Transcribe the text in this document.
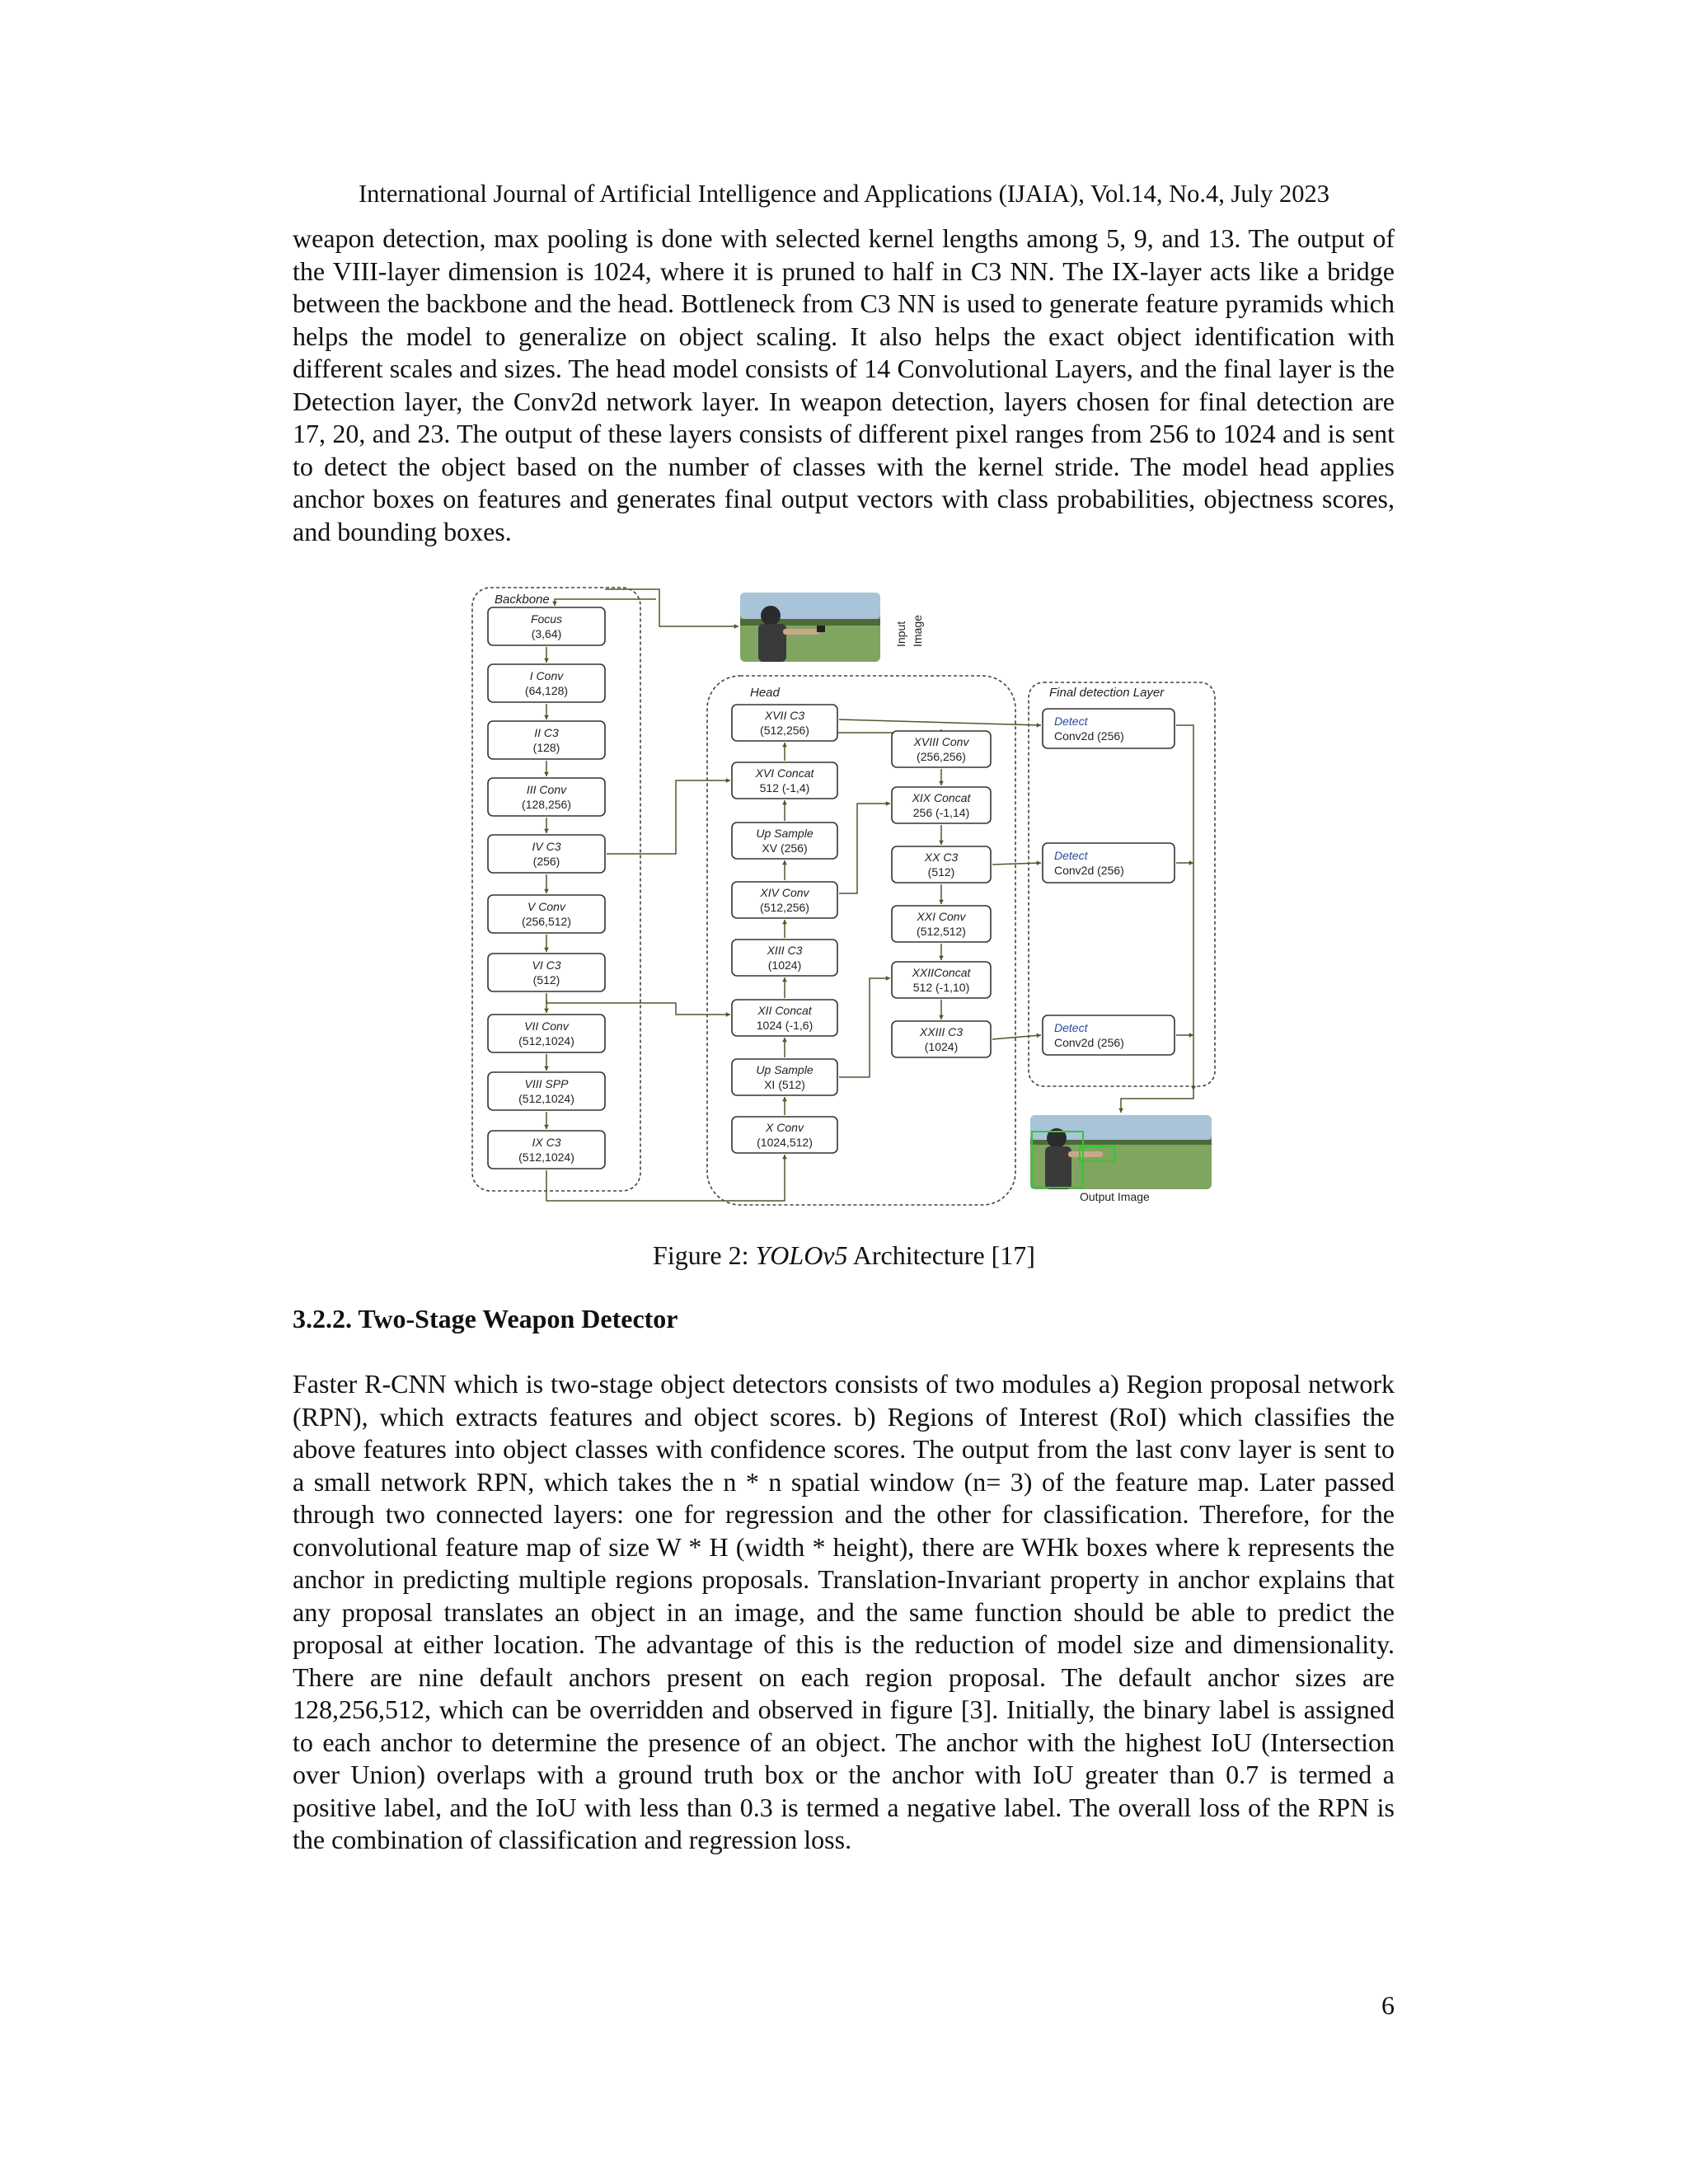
International Journal of Artificial Intelligence and Applications (IJAIA), Vol.14, No.4, July 2023

weapon detection, max pooling is done with selected kernel lengths among 5, 9, and 13. The output of the VIII-layer dimension is 1024, where it is pruned to half in C3 NN. The IX-layer acts like a bridge between the backbone and the head. Bottleneck from C3 NN is used to generate feature pyramids which helps the model to generalize on object scaling. It also helps the exact object identification with different scales and sizes. The head model consists of 14 Convolutional Layers, and the final layer is the Detection layer, the Conv2d network layer. In weapon detection, layers chosen for final detection are 17, 20, and 23. The output of these layers consists of different pixel ranges from 256 to 1024 and is sent to detect the object based on the number of classes with the kernel stride. The model head applies anchor boxes on features and generates final output vectors with class probabilities, objectness scores, and bounding boxes.

Backbone
Head	Final detection Layer
Input Image
Output Image
Focus
(3,64)
I Conv
(64,128)
II C3
(128)
III Conv
(128,256)
IV C3
(256)
V Conv
(256,512)
VI C3
(512)
VII Conv
(512,1024)
VIII SPP
(512,1024)
IX C3
(512,1024)
XVII C3
(512,256)
XVI Concat
512 (-1,4)
Up Sample
XV (256)
XIV Conv
(512,256)
XIII C3
(1024)
XII Concat
1024 (-1,6)
Up Sample
XI (512)
X Conv
(1024,512)
XVIII Conv
(256,256)
XIX Concat
256 (-1,14)
XX C3
(512)
XXI Conv
(512,512)
XXIIConcat
512 (-1,10)
XXIII C3
(1024)
Detect
Conv2d (256)
Detect
Conv2d (256)
Detect
Conv2d (256)
Figure 2: YOLOv5 Architecture [17]
3.2.2. Two-Stage Weapon Detector

Faster R-CNN which is two-stage object detectors consists of two modules a) Region proposal network (RPN), which extracts features and object scores. b) Regions of Interest (RoI) which classifies the above features into object classes with confidence scores. The output from the last conv layer is sent to a small network RPN, which takes the n * n spatial window (n= 3) of the feature map. Later passed through two connected layers: one for regression and the other for classification. Therefore, for the convolutional feature map of size W * H (width * height), there are WHk boxes where k represents the anchor in predicting multiple regions proposals. Translation-Invariant property in anchor explains that any proposal translates an object in an image, and the same function should be able to predict the proposal at either location. The advantage of this is the reduction of model size and dimensionality. There are nine default anchors present on each region proposal. The default anchor sizes are 128,256,512, which can be overridden and observed in figure [3]. Initially, the binary label is assigned to each anchor to determine the presence of an object. The anchor with the highest IoU (Intersection over Union) overlaps with a ground truth box or the anchor with IoU greater than 0.7 is termed a positive label, and the IoU with less than 0.3 is termed a negative label. The overall loss of the RPN is the combination of classification and regression loss.

6
